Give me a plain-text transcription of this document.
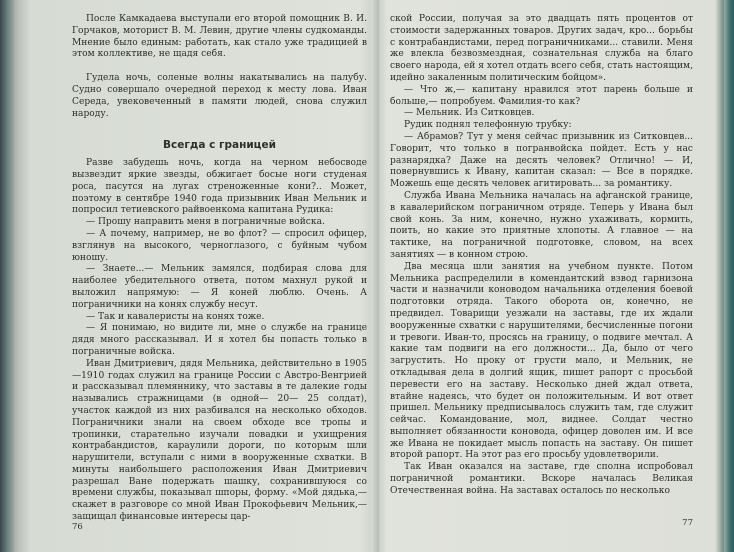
После Камкадаева выступали его второй помощник В. И. Горчаков, моторист В. М. Левин, другие члены судкоманды. Мнение было единым: работать, как стало уже традицией в этом коллективе, не щадя себя.

Гудела ночь, соленые волны накатывались на палубу. Судно совершало очередной переход к месту лова. Иван Середа, увековеченный в памяти людей, снова служил народу.

Всегда с границей

Разве забудешь ночь, когда на черном небосводе вызвездит яркие звезды, обжигает босые ноги студеная роса, пасутся на лугах стреноженные кони?.. Может, поэтому в сентябре 1940 года призывник Иван Мельник и попросил тетиевского райвоенкома капитана Рудика:

— Прошу направить меня в пограничные войска.

— А почему, например, не во флот? — спросил офицер, взглянув на высокого, чернoглазого, с буйным чубом юношу.

— Знаете...— Мельник замялся, подбирая слова для наиболее убедительного ответа, потом махнул рукой и выложил напрямую: — Я коней люблю. Очень. А пограничники на конях службу несут.

— Так и кавалеристы на конях тоже.

— Я понимаю, но видите ли, мне о службе на границе дядя много рассказывал. И я хотел бы попасть только в пограничные войска.

Иван Дмитриевич, дядя Мельника, действительно в 1905—1910 годах служил на границе России с Австро-Венгрией и рассказывал племяннику, что заставы в те далекие годы назывались стражницами (в одной— 20— 25 солдат), участок каждой из них разбивался на несколько обходов. Пограничники знали на своем обходе все тропы и тропинки, старательно изучали повадки и ухищрения контрабандистов, караулили дороги, по которым шли нарушители, вступали с ними в вооруженные схватки. В минуты наибольшего расположения Иван Дмитриевич разрешал Ване подержать шашку, сохранившуюся со времени службы, показывал шпоры, форму. «Мой дядька,— скажет в разговоре со мной Иван Прокофьевич Мельник,— защищал финансовые интересы цар-

76

ской России, получая за это двадцать пять процентов от стоимости задержанных товаров. Других задач, кро... борьбы с контрабандистами, перед пограничниками... ставили. Меня же влекла безвозмездная, сознательная служба на благо своего народа, ей я хотел отдать всего себя, стать настоящим, идейно закаленным политическим бойцом».

— Что ж,— капитану нравился этот парень больше и больше,— попробуем. Фамилия-то как?

— Мельник. Из Ситковцев.

Рудик поднял телефонную трубку:

— Абрамов? Тут у меня сейчас призывник из Ситковцев... Говорит, что только в погранвойска пойдет. Есть у нас разнарядка? Даже на десять человек? Отлично! — И, повернувшись к Ивану, капитан сказал: — Все в порядке. Можешь еще десять человек агитировать... за романтику.

Служба Ивана Мельника началась на афганской границе, в кавалерийском пограничном отряде. Теперь у Ивана был свой конь. За ним, конечно, нужно ухаживать, кормить, поить, но какие это приятные хлопоты. А главное — на тактике, на пограничной подготовке, словом, на всех занятиях — в конном строю.

Два месяца шли занятия на учебном пункте. Потом Мельника распределили в комендантский взвод гарнизона части и назначили коноводом начальника отделения боевой подготовки отряда. Такого оборота он, конечно, не предвидел. Товарищи уезжали на заставы, где их ждали вооруженные схватки с нарушителями, бесчисленные погони и тревоги. Иван-то, просясь на границу, о подвиге мечтал. А какие там подвиги на его должности... Да, было от чего загрустить. Но проку от грусти мало, и Мельник, не откладывая дела в долгий ящик, пишет рапорт с просьбой перевести его на заставу. Несколько дней ждал ответа, втайне надеясь, что будет он положительным. И вот ответ пришел. Мельнику предписывалось служить там, где служит сейчас. Командование, мол, виднее. Солдат честно выполняет обязанности коновода, офицер доволен им. И все же Ивана не покидает мысль попасть на заставу. Он пишет второй рапорт. На этот раз его просьбу удовлетворили.

Так Иван оказался на заставе, где сполна испробовал пограничной романтики. Вскоре началась Великая Отечественная война. На заставах осталось по несколько

77
